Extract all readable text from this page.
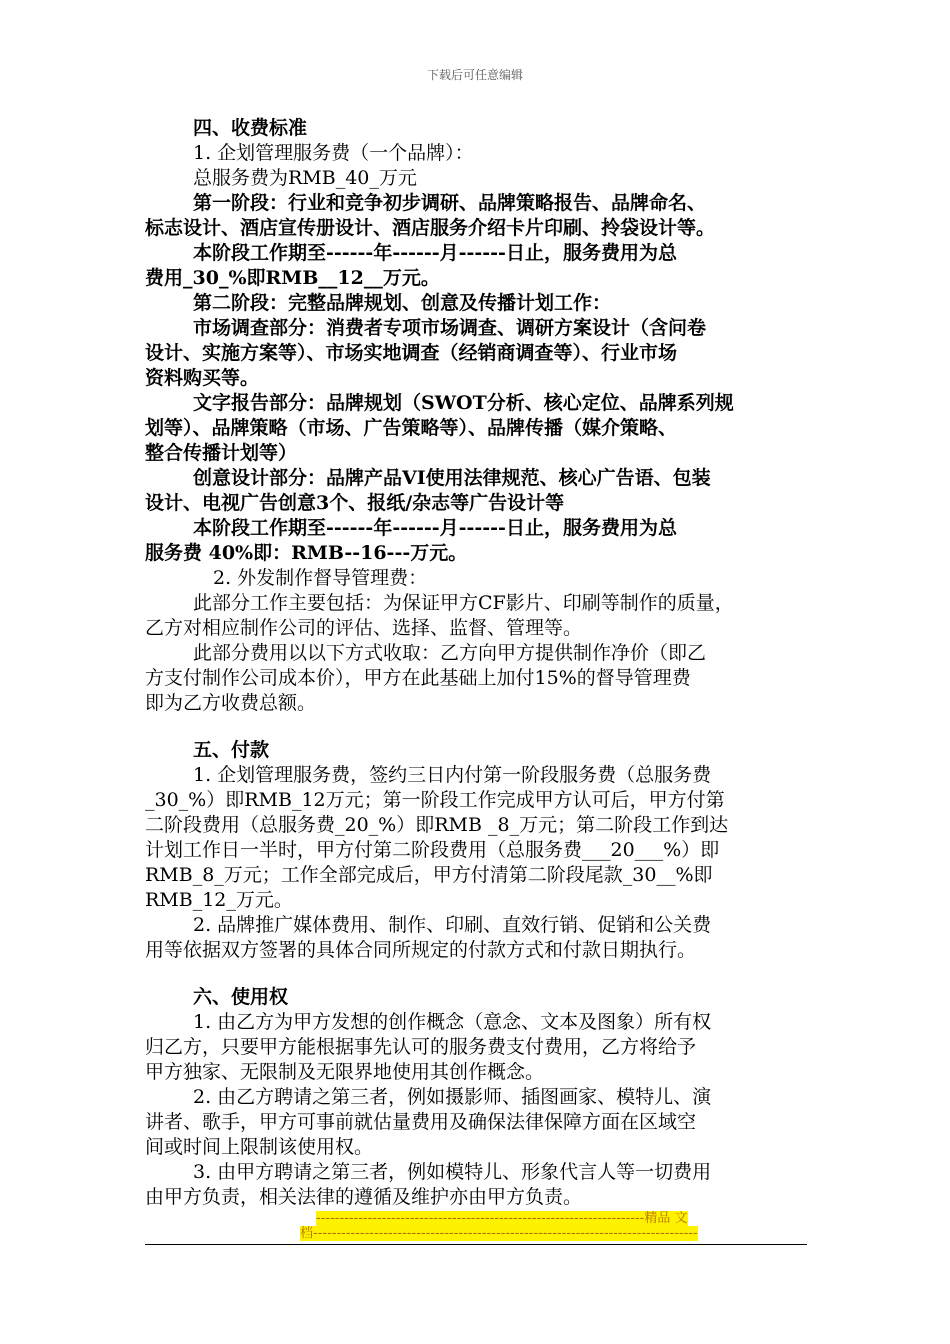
下载后可任意编辑
四、收费标准
1. 企划管理服务费（一个品牌）：
总服务费为RMB_40_万元
第一阶段：行业和竞争初步调研、品牌策略报告、品牌命名、
标志设计、酒店宣传册设计、酒店服务介绍卡片印刷、拎袋设计等。
本阶段工作期至------年------月------日止，服务费用为总
费用_30_%即RMB__12__万元。
第二阶段：完整品牌规划、创意及传播计划工作：
市场调查部分：消费者专项市场调查、调研方案设计（含问卷
设计、实施方案等）、市场实地调查（经销商调查等）、行业市场
资料购买等。
文字报告部分：品牌规划（SWOT分析、核心定位、品牌系列规
划等）、品牌策略（市场、广告策略等）、品牌传播（媒介策略、
整合传播计划等）
创意设计部分：品牌产品VI使用法律规范、核心广告语、包装
设计、电视广告创意3个、报纸/杂志等广告设计等
本阶段工作期至------年------月------日止，服务费用为总
服务费 40%即：RMB--16---万元。
2. 外发制作督导管理费：
此部分工作主要包括：为保证甲方CF影片、印刷等制作的质量，
乙方对相应制作公司的评估、选择、监督、管理等。
此部分费用以以下方式收取：乙方向甲方提供制作净价（即乙
方支付制作公司成本价），甲方在此基础上加付15%的督导管理费
即为乙方收费总额。
五、付款
1. 企划管理服务费，签约三日内付第一阶段服务费（总服务费
_30_%）即RMB_12万元；第一阶段工作完成甲方认可后，甲方付第
二阶段费用（总服务费_20_%）即RMB _8_万元；第二阶段工作到达
计划工作日一半时，甲方付第二阶段费用（总服务费___20___%）即
RMB_8_万元；工作全部完成后，甲方付清第二阶段尾款_30__%即
RMB_12_万元。
2. 品牌推广媒体费用、制作、印刷、直效行销、促销和公关费
用等依据双方签署的具体合同所规定的付款方式和付款日期执行。
六、使用权
1. 由乙方为甲方发想的创作概念（意念、文本及图象）所有权
归乙方，只要甲方能根据事先认可的服务费支付费用，乙方将给予
甲方独家、无限制及无限界地使用其创作概念。
2. 由乙方聘请之第三者，例如摄影师、插图画家、模特儿、演
讲者、歌手，甲方可事前就估量费用及确保法律保障方面在区域空
间或时间上限制该使用权。
3. 由甲方聘请之第三者，例如模特儿、形象代言人等一切费用
由甲方负责，相关法律的遵循及维护亦由甲方负责。
----------------------------------------------------------------------精品 文
档----------------------------------------------------------------------------------
